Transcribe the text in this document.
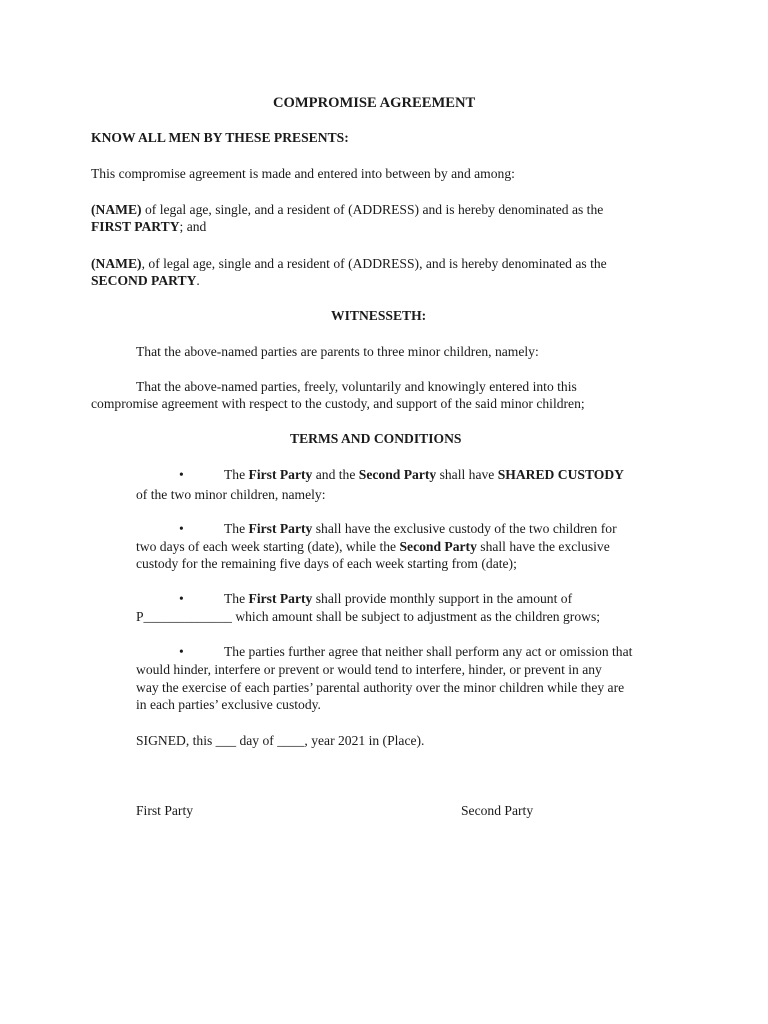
COMPROMISE AGREEMENT

KNOW ALL MEN BY THESE PRESENTS:

This compromise agreement is made and entered into between by and among:

(NAME) of legal age, single, and a resident of (ADDRESS) and is hereby denominated as the

FIRST PARTY; and

(NAME), of legal age, single and a resident of (ADDRESS), and is hereby denominated as the

SECOND PARTY.

WITNESSETH:

That the above-named parties are parents to three minor children, namely:

That the above-named parties, freely, voluntarily and knowingly entered into this

compromise agreement with respect to the custody, and support of the said minor children;

TERMS AND CONDITIONS

•	The First Party and the Second Party shall have SHARED CUSTODY

of the two minor children, namely:

•	The First Party shall have the exclusive custody of the two children for

two days of each week starting (date), while the Second Party shall have the exclusive

custody for the remaining five days of each week starting from (date);

•	The First Party shall provide monthly support in the amount of

P_____________ which amount shall be subject to adjustment as the children grows;

•	The parties further agree that neither shall perform any act or omission that

would hinder, interfere or prevent or would tend to interfere, hinder, or prevent in any

way the exercise of each parties’ parental authority over the minor children while they are

in each parties’ exclusive custody.

SIGNED, this ___ day of ____, year 2021 in (Place).

First Party	Second Party
